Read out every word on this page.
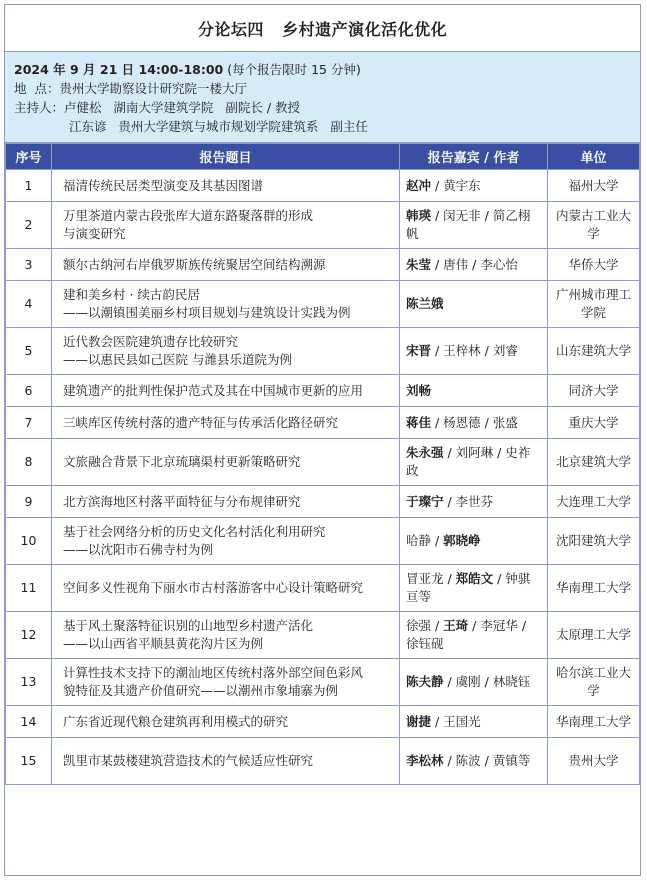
分论坛四   乡村遗产演化活化优化
2024 年 9 月 21 日 14:00-18:00 (每个报告限时 15 分钟)
地  点：贵州大学勘察设计研究院一楼大厅
主持人：卢健松   湖南大学建筑学院   副院长 / 教授
江东谚   贵州大学建筑与城市规划学院建筑系   副主任
序号	报告题目	报告嘉宾 / 作者	单位
1	福清传统民居类型演变及其基因图谱	赵冲 / 黄宇东	福州大学
2	万里茶道内蒙古段张库大道东路聚落群的形成
与演变研究	韩瑛 / 闵无非 / 简乙栩帆	内蒙古工业大学
3	额尔古纳河右岸俄罗斯族传统聚居空间结构溯源	朱莹 / 唐伟 / 李心怡	华侨大学
4	建和美乡村 · 续古韵民居
——以潮镇围美丽乡村项目规划与建筑设计实践为例	陈兰娥	广州城市理工学院
5	近代教会医院建筑遗存比较研究
——以惠民县如己医院 与潍县乐道院为例	宋晋 / 王梓林 / 刘睿	山东建筑大学
6	建筑遗产的批判性保护范式及其在中国城市更新的应用	刘畅	同济大学
7	三峡库区传统村落的遗产特征与传承活化路径研究	蒋佳 / 杨恩德 / 张盛	重庆大学
8	文旅融合背景下北京琉璃渠村更新策略研究	朱永强 / 刘阿琳 / 史祚政	北京建筑大学
9	北方滨海地区村落平面特征与分布规律研究	于璨宁 / 李世芬	大连理工大学
10	基于社会网络分析的历史文化名村活化利用研究
——以沈阳市石佛寺村为例	哈静 / 郭晓峥	沈阳建筑大学
11	空间多义性视角下丽水市古村落游客中心设计策略研究	冒亚龙 / 郑皓文 / 钟骐亘等	华南理工大学
12	基于风土聚落特征识别的山地型乡村遗产活化
——以山西省平顺县黄花沟片区为例	徐强 / 王琦 / 李冠华 / 徐钰砚	太原理工大学
13	计算性技术支持下的潮汕地区传统村落外部空间色彩风
貌特征及其遗产价值研究——以潮州市象埔寨为例	陈夫静 / 虞刚 / 林晓钰	哈尔滨工业大学
14	广东省近现代粮仓建筑再利用模式的研究	谢捷 / 王国光	华南理工大学
15	凯里市某鼓楼建筑营造技术的气候适应性研究	李松林 / 陈波 / 黄镇等	贵州大学
